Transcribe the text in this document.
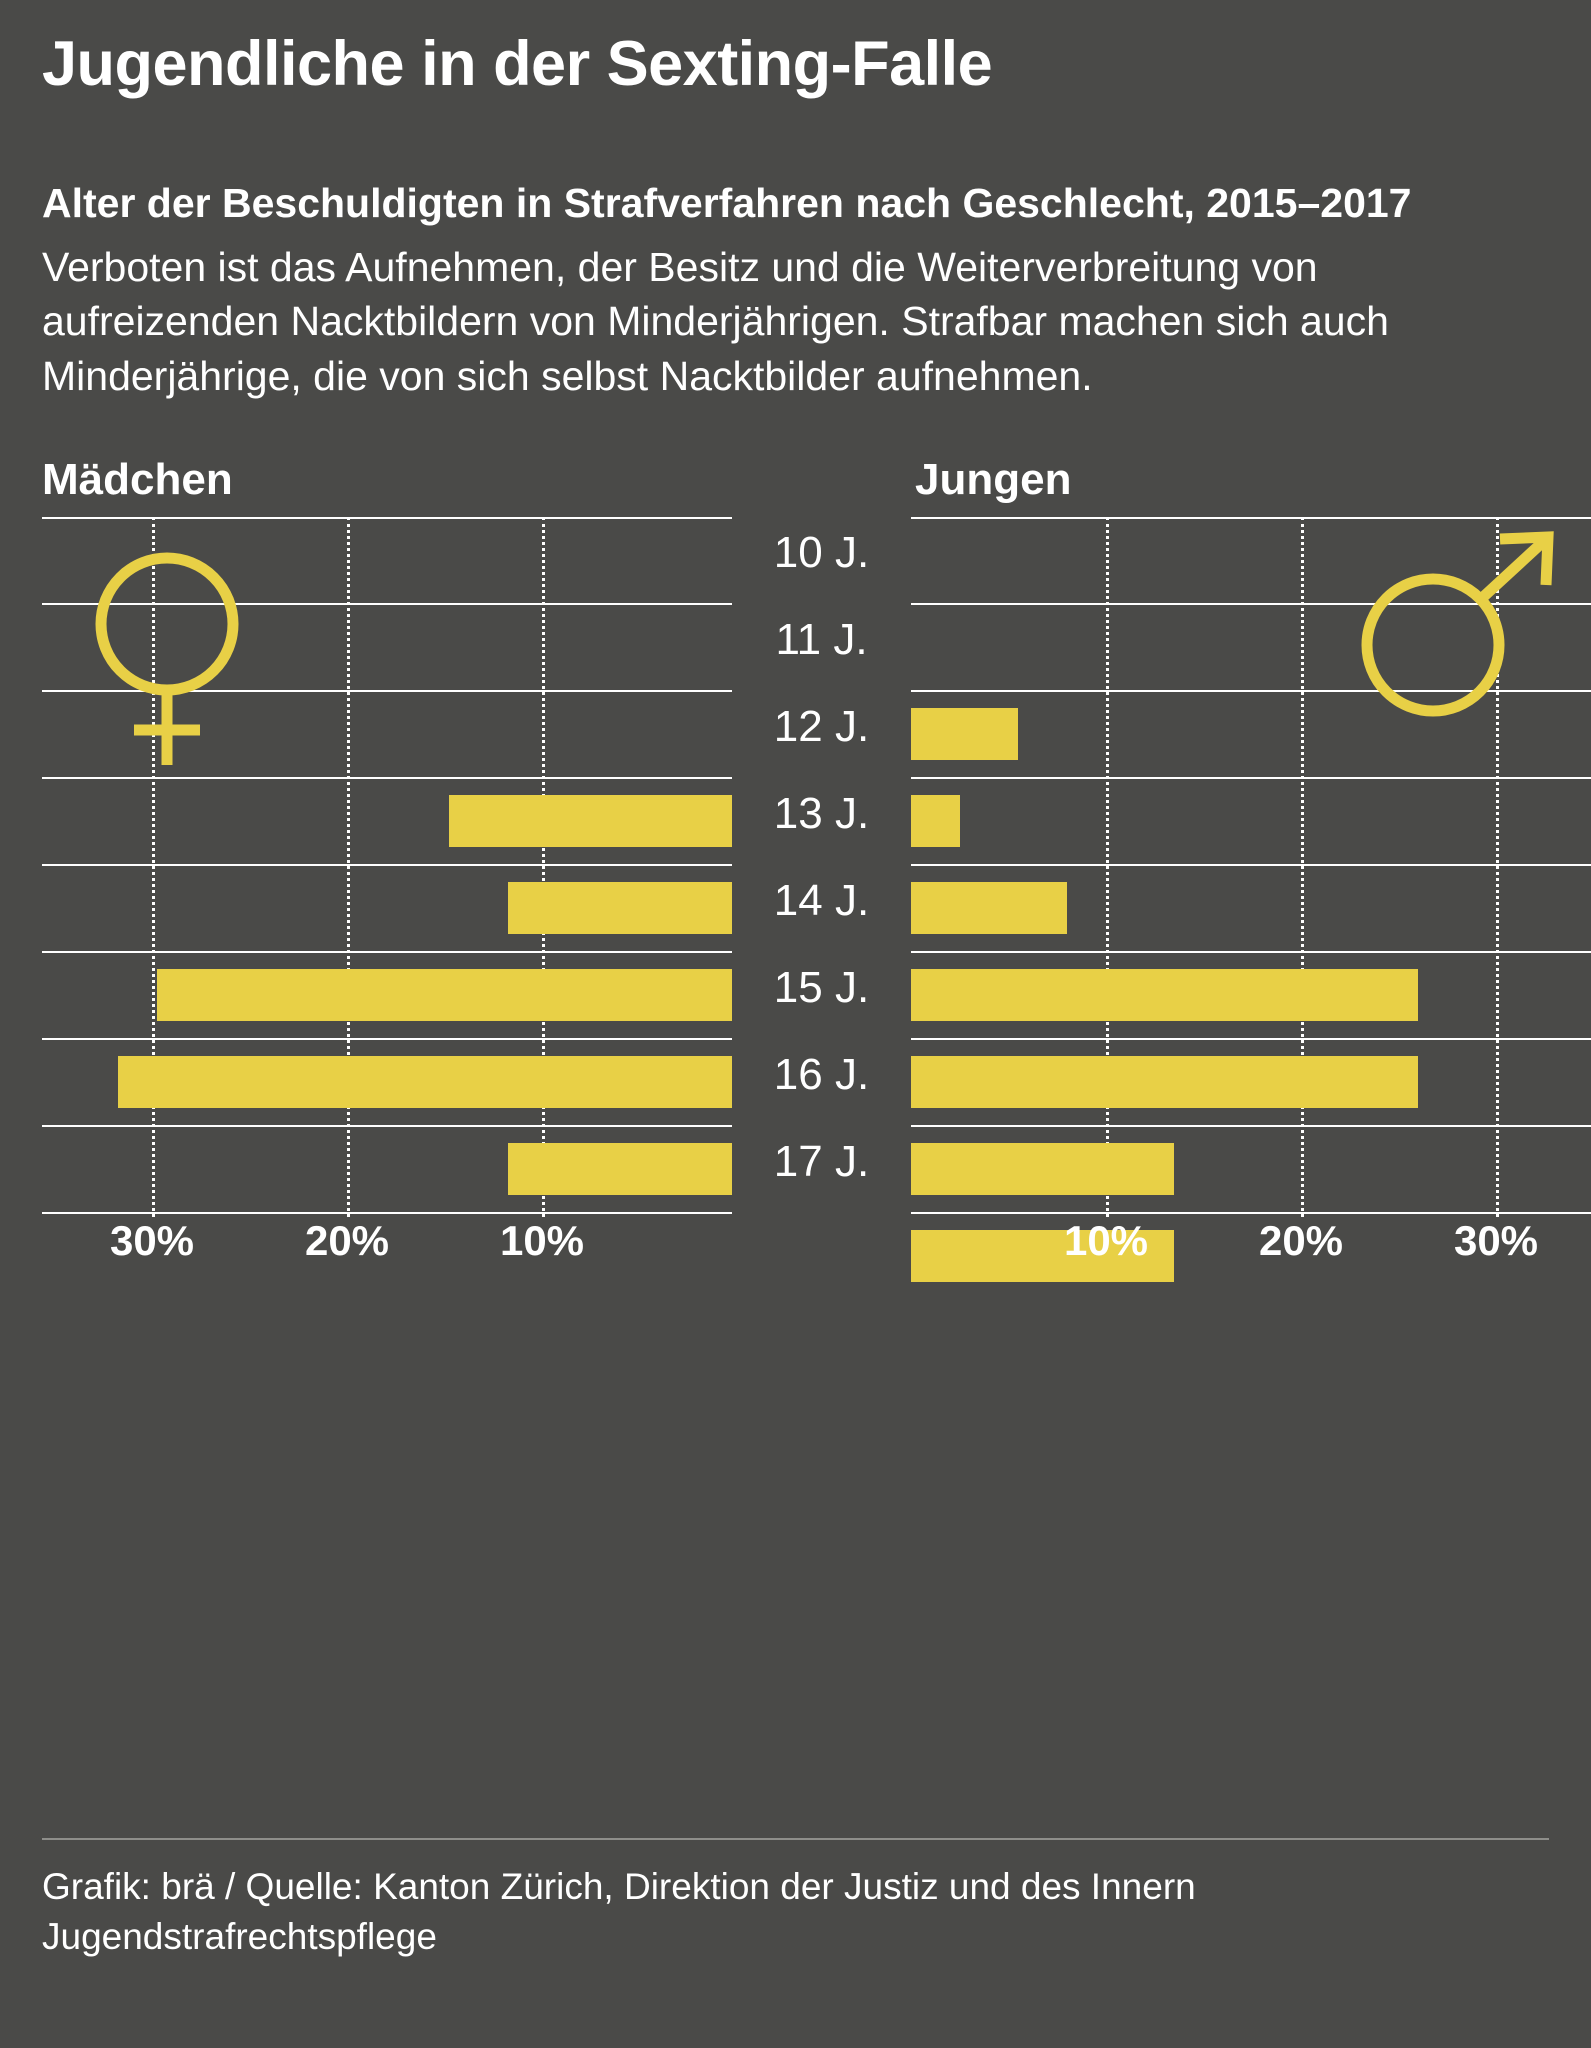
Jugendliche in der Sexting-Falle
Alter der Beschuldigten in Strafverfahren nach Geschlecht, 2015–2017

Verboten ist das Aufnehmen, der Besitz und die Weiterverbreitung von aufreizenden Nacktbildern von Minderjährigen. Strafbar machen sich auch Minderjährige, die von sich selbst Nacktbilder aufnehmen.

Mädchen	Jungen
10 J.
11 J.
12 J.
13 J.
14 J.
15 J.
16 J.
17 J.
30%	20%	10%	10%	20%	30%
Grafik: brä / Quelle: Kanton Zürich, Direktion der Justiz und des Innern Jugendstrafrechtspflege
